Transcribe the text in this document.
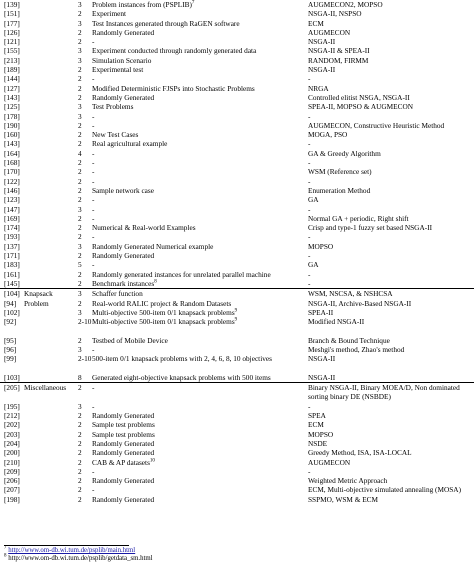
[139]	3 Problem instances from (PSPLIB)$^7$	AUGMECON2, MOPSO
[151]	2 Experiment	NSGA-II, NSPSO
[177]	3 Test Instances generated through RaGEN software	ECM
[126]	2 Randomly Generated	AUGMECON
[121]	2 -	NSGA-II
[155]	3 Experiment conducted through randomly generated data	NSGA-II & SPEA-II
[213]	3 Simulation Scenario	RANDOM, FIRMM
[189]	2 Experimental test	NSGA-II
[144]	2 -	-
[127]	2 Modified Deterministic FJSPs into Stochastic Problems	NRGA
[143]	2 Randomly Generated	Controlled elitist NSGA, NSGA-II
[125]	3 Test Problems	SPEA-II, MOPSO & AUGMECON
[178]	3 -	-
[190]	2 -	AUGMECON, Constructive Heuristic Method
[160]	2 New Test Cases	MOGA, PSO
[143]	2 Real agricultural example	-
[164]	4 -	GA & Greedy Algorithm
[168]	2 -	-
[170]	2 -	WSM (Reference set)
[122]	2 -	-
[146]	2 Sample network case	Enumeration Method
[123]	2 -	GA
[147]	3 -	-
[169]	2 -	Normal GA + periodic, Right shift
[174]	2 Numerical & Real-world Examples	Crisp and type-1 fuzzy set based NSGA-II
[193]	2 -	-
[137]	3 Randomly Generated Numerical example	MOPSO
[171]	2 Randomly Generated	-
[183]	5 -	GA
[161]	2 Randomly generated instances for unrelated parallel machine	-
[145]	2 Benchmark instances$^8$	-
[104] Knapsack	3 Schaffer function	WSM, NSCSA, & NSHCSA
[94] Problem	2 Real-world RALIC project & Random Datasets	NSGA-II, Archive-Based NSGA-II
[102]	3 Multi-objective 500-item 0/1 knapsack problems$^9$	SPEA-II
[92]	2-10 Multi-objective 500-item 0/1 knapsack problems$^9$	Modified NSGA-II
[95]	2 Testbed of Mobile Device	Branch & Bound Technique
[96]	3 -	Meshgi's method, Zhao's method
[99]	2-10 500-item 0/1 knapsack problems with 2, 4, 6, 8, 10 objectives	NSGA-II
[103]	8 Generated eight-objective knapsack problems with 500 items	NSGA-II
[205] Miscellaneous 2	-	Binary NSGA-II, Binary MOEA/D, Non dominated sorting binary DE (NSBDE)
[195]	3 -	-
[212]	2 Randomly Generated	SPEA
[202]	2 Sample test problems	ECM
[203]	2 Sample test problems	MOPSO
[204]	2 Randomly Generated	NSDE
[200]	2 Randomly Generated	Greedy Method, ISA, ISA-LOCAL
[210]	2 CAB & AP datasets$^{10}$	AUGMECON
[209]	2 -	-
[206]	2 Randomly Generated	Weighted Metric Approach
[207]	2 -	ECM, Multi-objective simulated annealing (MOSA)
[198]	2 Randomly Generated	SSPMO, WSM & ECM
$^7$ http://www.om-db.wi.tum.de/psplib/main.html
$^8$ http://www.om-db.wi.tum.de/psplib/getdata_sm.html
